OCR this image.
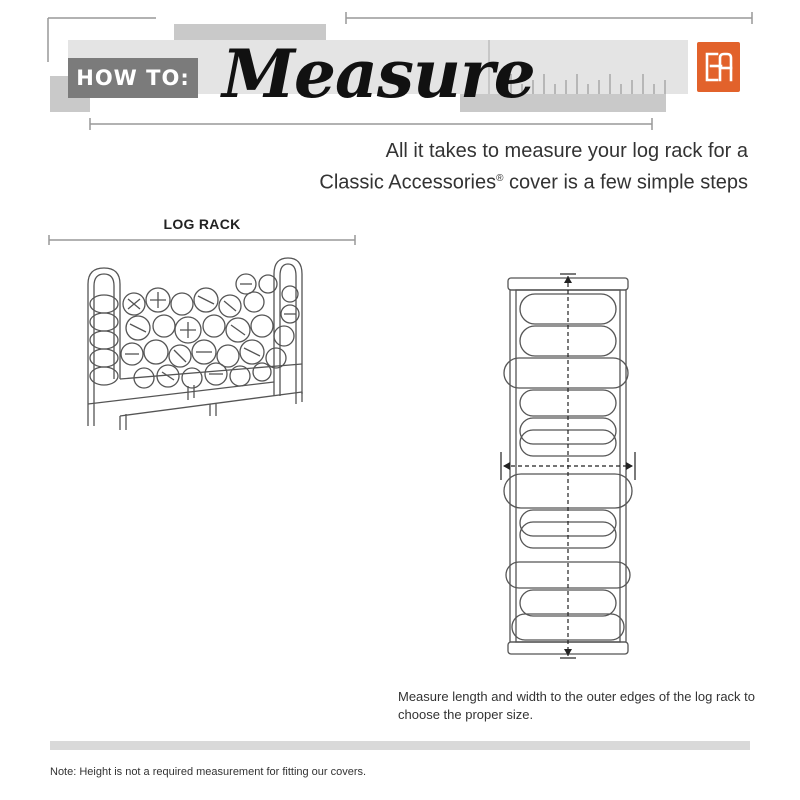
HOW TO: Measure
All it takes to measure your log rack for a
Classic Accessories® cover is a few simple steps
LOG RACK
Measure length and width to the outer edges of the log rack to choose the proper size.
Note: Height is not a required measurement for fitting our covers.
